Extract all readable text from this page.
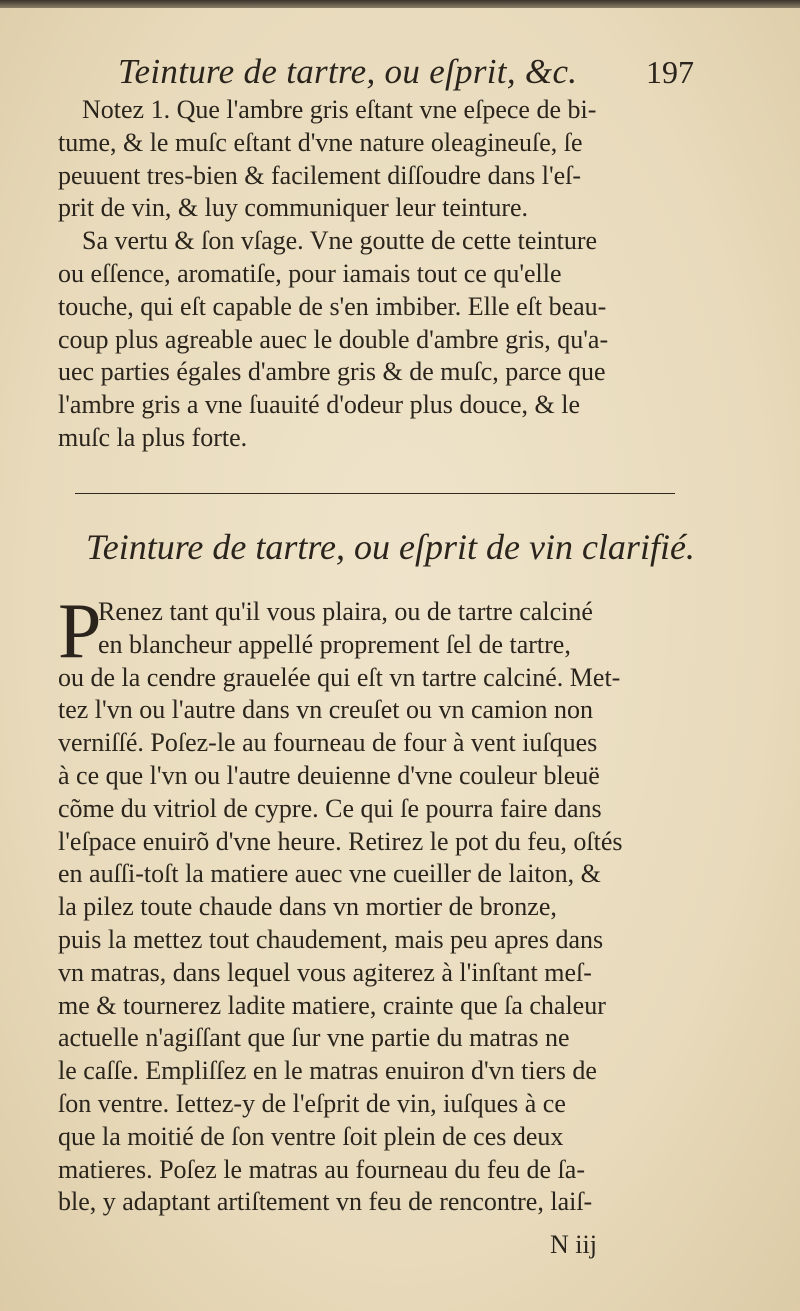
Teinture de tartre, ou eſprit, &c. 197
Notez 1. Que l'ambre gris eſtant vne eſpece de bi-
tume, & le muſc eſtant d'vne nature oleagineuſe, ſe
peuuent tres-bien & facilement diſſoudre dans l'eſ-
prit de vin, & luy communiquer leur teinture.
Sa vertu & ſon vſage. Vne goutte de cette teinture
ou eſſence, aromatiſe, pour iamais tout ce qu'elle
touche, qui eſt capable de s'en imbiber. Elle eſt beau-
coup plus agreable auec le double d'ambre gris, qu'a-
uec parties égales d'ambre gris & de muſc, parce que
l'ambre gris a vne ſuauité d'odeur plus douce, & le
muſc la plus forte.
Teinture de tartre, ou eſprit de vin clarifié.
P
Renez tant qu'il vous plaira, ou de tartre calciné
en blancheur appellé proprement ſel de tartre,
ou de la cendre grauelée qui eſt vn tartre calciné. Met-
tez l'vn ou l'autre dans vn creuſet ou vn camion non
verniſſé. Poſez-le au fourneau de four à vent iuſques
à ce que l'vn ou l'autre deuienne d'vne couleur bleuë
cõme du vitriol de cypre. Ce qui ſe pourra faire dans
l'eſpace enuirõ d'vne heure. Retirez le pot du feu, oſtés
en auſſi-toſt la matiere auec vne cueiller de laiton, &
la pilez toute chaude dans vn mortier de bronze,
puis la mettez tout chaudement, mais peu apres dans
vn matras, dans lequel vous agiterez à l'inſtant meſ-
me & tournerez ladite matiere, crainte que ſa chaleur
actuelle n'agiſſant que ſur vne partie du matras ne
le caſſe. Empliſſez en le matras enuiron d'vn tiers de
ſon ventre. Iettez-y de l'eſprit de vin, iuſques à ce
que la moitié de ſon ventre ſoit plein de ces deux
matieres. Poſez le matras au fourneau du feu de ſa-
ble, y adaptant artiſtement vn feu de rencontre, laiſ-
N iij
